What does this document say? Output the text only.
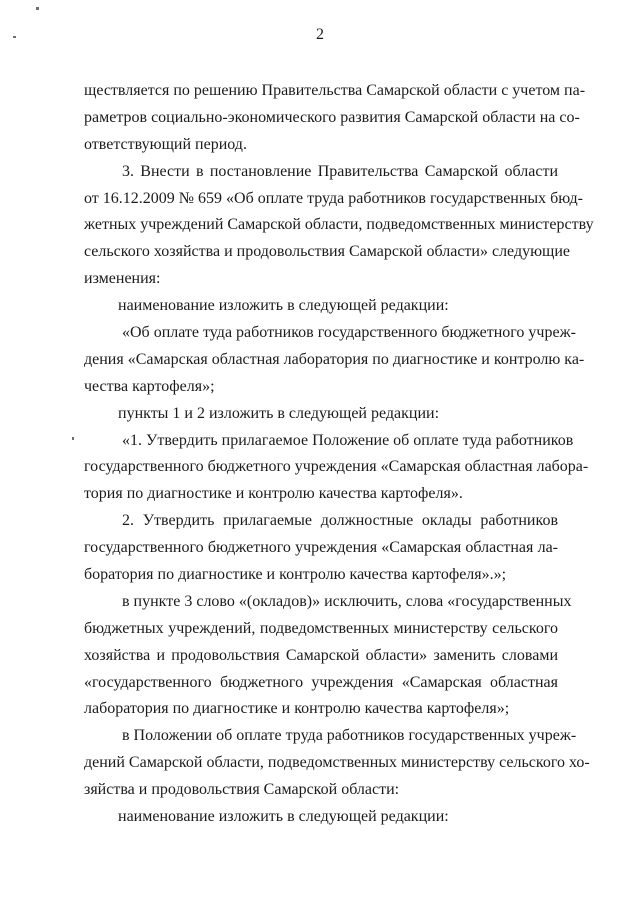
2
ществляется по решению Правительства Самарской области с учетом па-
раметров социально-экономического развития Самарской области на со-
ответствующий период.
3. Внести в постановление Правительства Самарской области
от 16.12.2009 № 659 «Об оплате труда работников государственных бюд-
жетных учреждений Самарской области, подведомственных министерству
сельского хозяйства и продовольствия Самарской области» следующие
изменения:
наименование изложить в следующей редакции:
«Об оплате туда работников государственного бюджетного учреж-
дения «Самарская областная лаборатория по диагностике и контролю ка-
чества картофеля»;
пункты 1 и 2 изложить в следующей редакции:
«1. Утвердить прилагаемое Положение об оплате туда работников
государственного бюджетного учреждения «Самарская областная лабора-
тория по диагностике и контролю качества картофеля».
2. Утвердить прилагаемые должностные оклады работников
государственного бюджетного учреждения «Самарская областная ла-
боратория по диагностике и контролю качества картофеля».»;
в пункте 3 слово «(окладов)» исключить, слова «государственных
бюджетных учреждений, подведомственных министерству сельского
хозяйства и продовольствия Самарской области» заменить словами
«государственного бюджетного учреждения «Самарская областная
лаборатория по диагностике и контролю качества картофеля»;
в Положении об оплате труда работников государственных учреж-
дений Самарской области, подведомственных министерству сельского хо-
зяйства и продовольствия Самарской области:
наименование изложить в следующей редакции:
